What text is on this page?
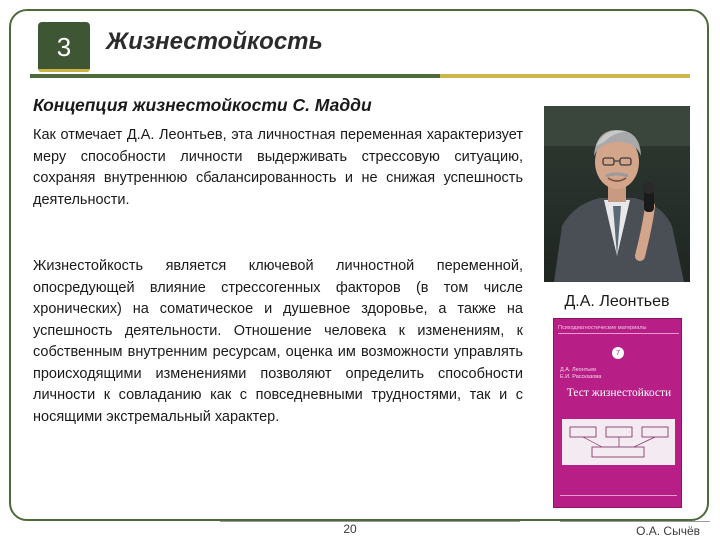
3	Жизнестойкость
Концепция жизнестойкости С. Мадди

Как отмечает Д.А. Леонтьев, эта личностная переменная характеризует меру способности личности выдерживать стрессовую ситуацию, сохраняя внутреннюю сбалансированность и не снижая успешность деятельности.

Жизнестойкость является ключевой личностной переменной, опосредующей влияние стрессогенных факторов (в том числе хронических) на соматическое и душевное здоровье, а также на успешность деятельности. Отношение человека к изменениям, к собственным внутренним ресурсам, оценка им возможности управлять происходящими изменениями позволяют определить способности личности к совладанию как с повседневными трудностями, так и с носящими экстремальный характер.

Д.А. Леонтьев
Психодиагностические материалы
7
Д.А. Леонтьев
Е.И. Рассказова
Тест жизнестойкости
20	О.А. Сычёв
